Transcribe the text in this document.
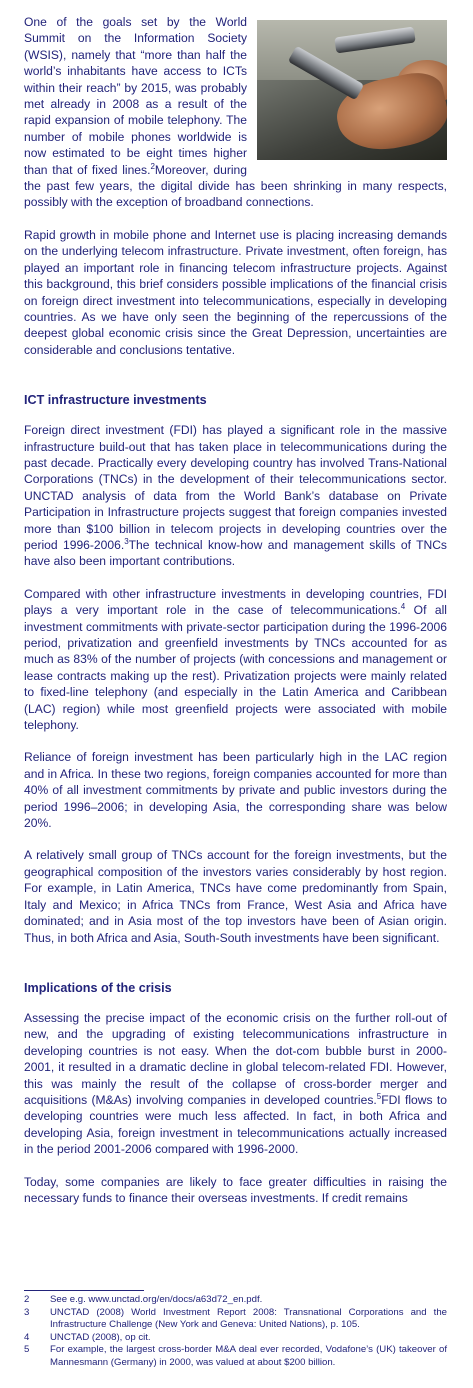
One of the goals set by the World Summit on the Information Society (WSIS), namely that “more than half the world’s inhabitants have access to ICTs within their reach” by 2015, was probably met already in 2008 as a result of the rapid expansion of mobile telephony. The number of mobile phones worldwide is now estimated to be eight times higher than that of fixed lines.$^2$Moreover, during the past few years, the digital divide has been shrinking in many respects, possibly with the exception of broadband connections.

Rapid growth in mobile phone and Internet use is placing increasing demands on the underlying telecom infrastructure. Private investment, often foreign, has played an important role in financing telecom infrastructure projects. Against this background, this brief considers possible implications of the financial crisis on foreign direct investment into telecommunications, especially in developing countries. As we have only seen the beginning of the repercussions of the deepest global economic crisis since the Great Depression, uncertainties are considerable and conclusions tentative.

ICT infrastructure investments

Foreign direct investment (FDI) has played a significant role in the massive infrastructure build-out that has taken place in telecommunications during the past decade. Practically every developing country has involved Trans-National Corporations (TNCs) in the development of their telecommunications sector. UNCTAD analysis of data from the World Bank’s database on Private Participation in Infrastructure projects suggest that foreign companies invested more than $100 billion in telecom projects in developing countries over the period 1996-2006.$^3$The technical know-how and management skills of TNCs have also been important contributions.

Compared with other infrastructure investments in developing countries, FDI plays a very important role in the case of telecommunications.$^4$ Of all investment commitments with private-sector participation during the 1996-2006 period, privatization and greenfield investments by TNCs accounted for as much as 83% of the number of projects (with concessions and management or lease contracts making up the rest). Privatization projects were mainly related to fixed-line telephony (and especially in the Latin America and Caribbean (LAC) region) while most greenfield projects were associated with mobile telephony.

Reliance of foreign investment has been particularly high in the LAC region and in Africa. In these two regions, foreign companies accounted for more than 40% of all investment commitments by private and public investors during the period 1996–2006; in developing Asia, the corresponding share was below 20%.

A relatively small group of TNCs account for the foreign investments, but the geographical composition of the investors varies considerably by host region. For example, in Latin America, TNCs have come predominantly from Spain, Italy and Mexico; in Africa TNCs from France, West Asia and Africa have dominated; and in Asia most of the top investors have been of Asian origin. Thus, in both Africa and Asia, South-South investments have been significant.

Implications of the crisis

Assessing the precise impact of the economic crisis on the further roll-out of new, and the upgrading of existing telecommunications infrastructure in developing countries is not easy. When the dot-com bubble burst in 2000-2001, it resulted in a dramatic decline in global telecom-related FDI. However, this was mainly the result of the collapse of cross-border merger and acquisitions (M&As) involving companies in developed countries.$^5$FDI flows to developing countries were much less affected. In fact, in both Africa and developing Asia, foreign investment in telecommunications actually increased in the period 2001-2006 compared with 1996-2000.

Today, some companies are likely to face greater difficulties in raising the necessary funds to finance their overseas investments. If credit remains

2	See e.g. www.unctad.org/en/docs/a63d72_en.pdf.
3	UNCTAD (2008) World Investment Report 2008: Transnational Corporations and the Infrastructure Challenge (New York and Geneva: United Nations), p. 105.
4	UNCTAD (2008), op cit.
5	For example, the largest cross-border M&A deal ever recorded, Vodafone’s (UK) takeover of Mannesmann (Germany) in 2000, was valued at about $200 billion.
